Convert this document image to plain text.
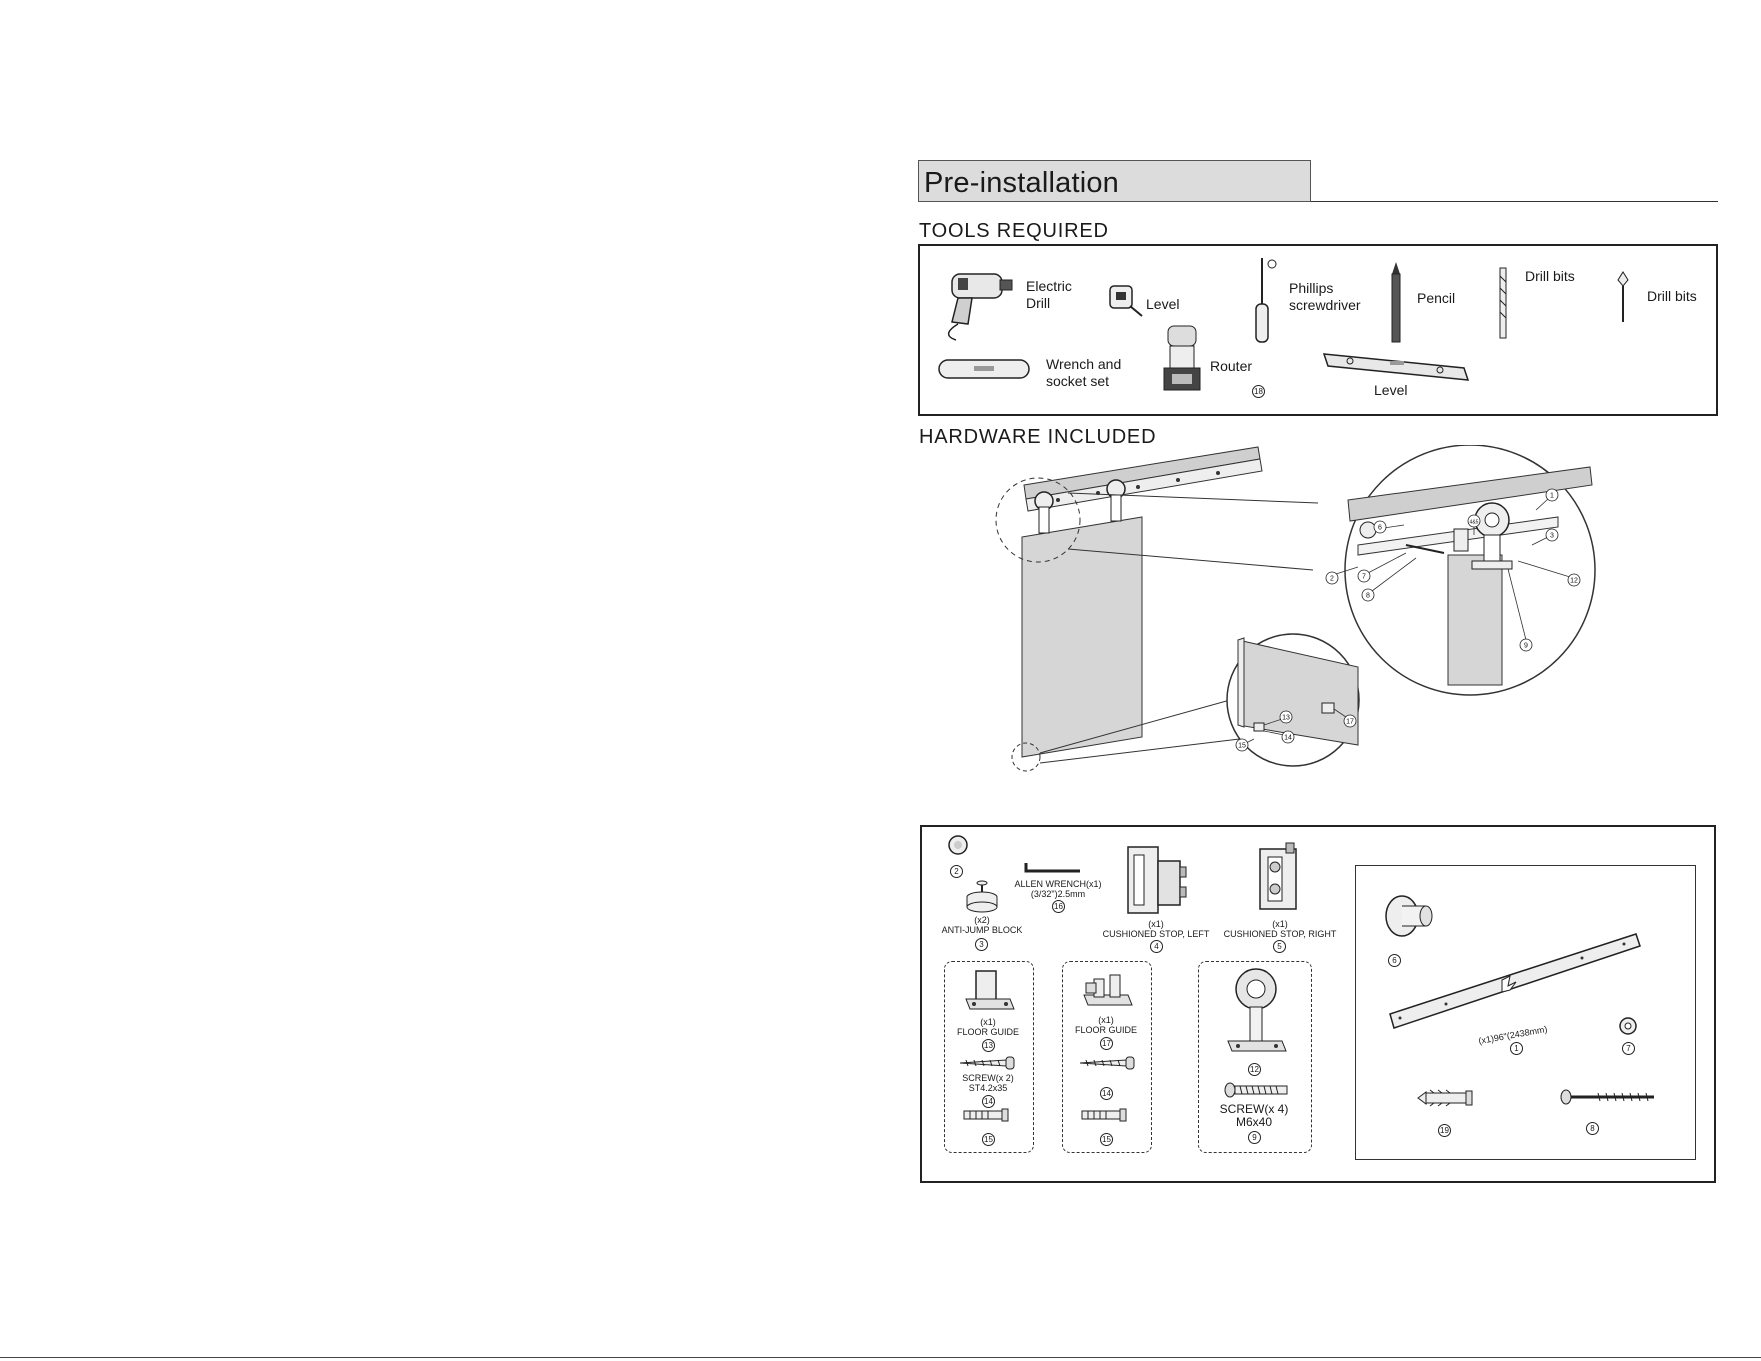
Pre-installation
TOOLS REQUIRED
Electric
Drill	Level
Phillips
screwdriver	Pencil
Drill bits
Drill bits
Wrench and
socket set
Router
18	Level
HARDWARE INCLUDED
1
3
4&5
6
2	7
8
12
9
13
14
15
17
2
(x2)
ANTI-JUMP BLOCK
3
ALLEN WRENCH(x1)
(3/32")2.5mm
16
(x1)
CUSHIONED STOP, LEFT
4
(x1)
CUSHIONED STOP, RIGHT
5
(x1)
FLOOR GUIDE
13
SCREW(x 2)
ST4.2x35
14
15
(x1)
FLOOR GUIDE
17
14
15
12
SCREW(x 4)
M6x40
9
6
(x1)96"(2438mm)
1	7
19	8
